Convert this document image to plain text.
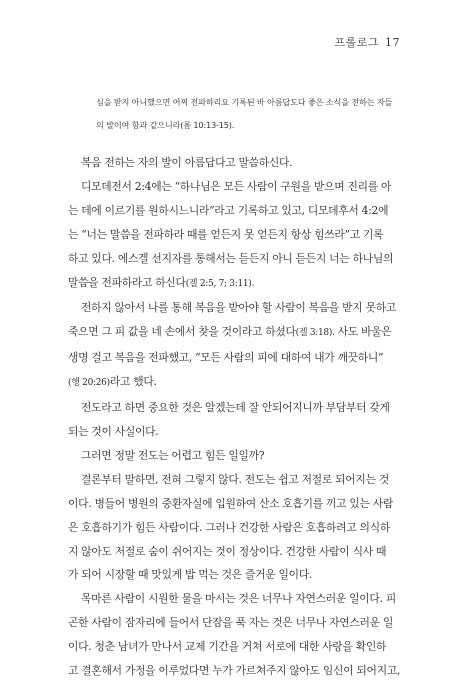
프롤로그 17
심을 받지 아니했으면 어찌 전파하리요 기록된 바 아름답도다 좋은 소식을 전하는 자들
의 발이여 함과 같으니라(롬 10:13-15).
복음 전하는 자의 발이 아름답다고 말씀하신다.
디모데전서 2:4에는 “하나님은 모든 사람이 구원을 받으며 진리를 아
는 데에 이르기를 원하시느니라”라고 기록하고 있고, 디모데후서 4:2에
는 “너는 말씀을 전파하라 때를 얻든지 못 얻든지 항상 힘쓰라”고 기록
하고 있다. 에스겔 선지자를 통해서는 듣든지 아니 듣든지 너는 하나님의
말씀을 전파하라고 하신다(겔 2:5, 7; 3:11).
전하지 않아서 나를 통해 복음을 받아야 할 사람이 복음을 받지 못하고
죽으면 그 피 값을 네 손에서 찾을 것이라고 하셨다(겔 3:18). 사도 바울은
생명 걸고 복음을 전파했고, “모든 사람의 피에 대하여 내가 깨끗하니”
(행 20:26)라고 했다.
전도라고 하면 중요한 것은 알겠는데 잘 안되어지니까 부담부터 갖게
되는 것이 사실이다.
그러면 정말 전도는 어렵고 힘든 일일까?
결론부터 말하면, 전혀 그렇지 않다. 전도는 쉽고 저절로 되어지는 것
이다. 병들어 병원의 중환자실에 입원하여 산소 호흡기를 끼고 있는 사람
은 호흡하기가 힘든 사람이다. 그러나 건강한 사람은 호흡하려고 의식하
지 않아도 저절로 숨이 쉬어지는 것이 정상이다. 건강한 사람이 식사 때
가 되어 시장할 때 맛있게 밥 먹는 것은 즐거운 일이다.
목마른 사람이 시원한 물을 마시는 것은 너무나 자연스러운 일이다. 피
곤한 사람이 잠자리에 들어서 단잠을 푹 자는 것은 너무나 자연스러운 일
이다. 청춘 남녀가 만나서 교제 기간을 거쳐 서로에 대한 사랑을 확인하
고 결혼해서 가정을 이루었다면 누가 가르쳐주지 않아도 임신이 되어지고,
